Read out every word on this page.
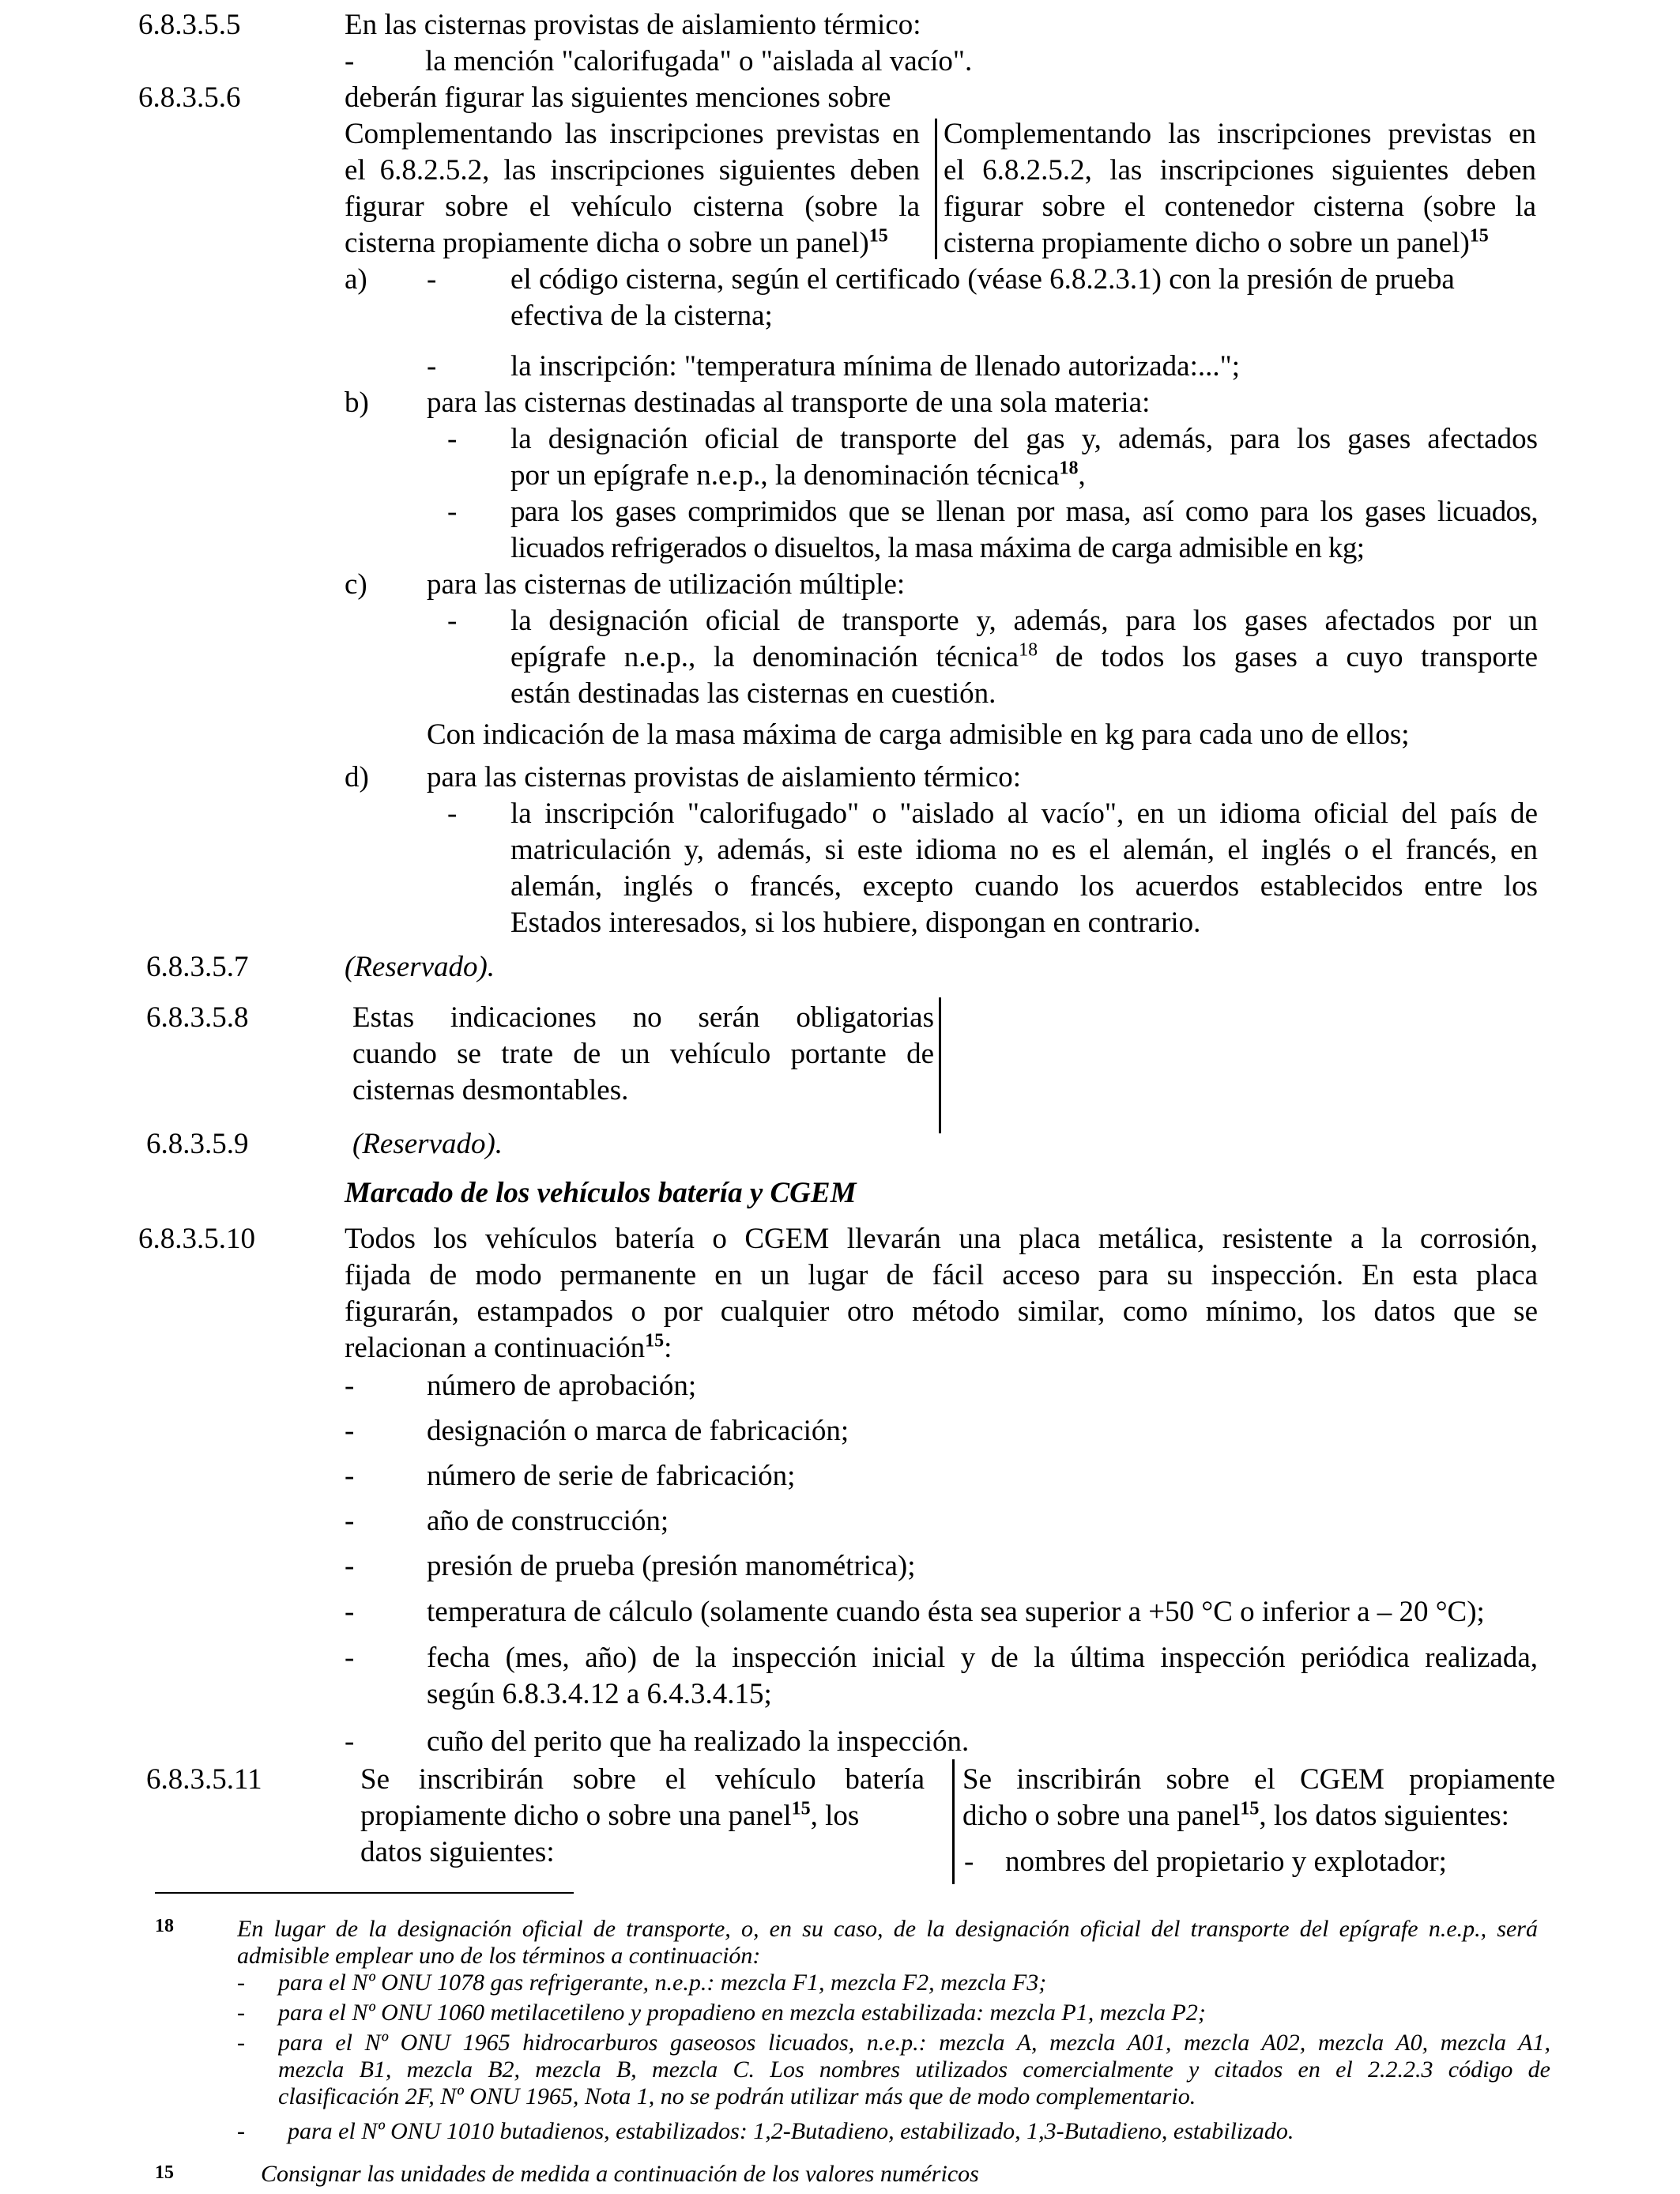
6.8.3.5.5	En las cisternas provistas de aislamiento térmico:
- la mención "calorifugada" o "aislada al vacío".
6.8.3.5.6	deberán figurar las siguientes menciones sobre
Complementando las inscripciones previstas en
el 6.8.2.5.2, las inscripciones siguientes deben
figurar sobre el vehículo cisterna (sobre la
cisterna propiamente dicha o sobre un panel)$^{15}$
Complementando las inscripciones previstas en
el 6.8.2.5.2, las inscripciones siguientes deben
figurar sobre el contenedor cisterna (sobre la
cisterna propiamente dicho o sobre un panel)$^{15}$
a) -	el código cisterna, según el certificado (véase 6.8.2.3.1) con la presión de prueba
efectiva de la cisterna;
-	la inscripción: "temperatura mínima de llenado autorizada:...";
b) para las cisternas destinadas al transporte de una sola materia:
- la designación oficial de transporte del gas y, además, para los gases afectados
por un epígrafe n.e.p., la denominación técnica$^{18}$,
- para los gases comprimidos que se llenan por masa, así como para los gases licuados,
licuados refrigerados o disueltos, la masa máxima de carga admisible en kg;
c) para las cisternas de utilización múltiple:
- la designación oficial de transporte y, además, para los gases afectados por un
epígrafe n.e.p., la denominación técnica$^{18}$ de todos los gases a cuyo transporte
están destinadas las cisternas en cuestión.
Con indicación de la masa máxima de carga admisible en kg para cada uno de ellos;
d) para las cisternas provistas de aislamiento térmico:
- la inscripción "calorifugado" o "aislado al vacío", en un idioma oficial del país de
matriculación y, además, si este idioma no es el alemán, el inglés o el francés, en
alemán, inglés o francés, excepto cuando los acuerdos establecidos entre los
Estados interesados, si los hubiere, dispongan en contrario.
6.8.3.5.7	(Reservado).
6.8.3.5.8	Estas indicaciones no serán obligatorias
cuando se trate de un vehículo portante de
cisternas desmontables.
6.8.3.5.9	(Reservado).
Marcado de los vehículos batería y CGEM
6.8.3.5.10	Todos los vehículos batería o CGEM llevarán una placa metálica, resistente a la corrosión,
fijada de modo permanente en un lugar de fácil acceso para su inspección. En esta placa
figurarán, estampados o por cualquier otro método similar, como mínimo, los datos que se
relacionan a continuación$^{15}$:
- número de aprobación;
- designación o marca de fabricación;
- número de serie de fabricación;
- año de construcción;
- presión de prueba (presión manométrica);
- temperatura de cálculo (solamente cuando ésta sea superior a +50 °C o inferior a – 20 °C);
- fecha (mes, año) de la inspección inicial y de la última inspección periódica realizada,
según 6.8.3.4.12 a 6.4.3.4.15;
- cuño del perito que ha realizado la inspección.
6.8.3.5.11	Se inscribirán sobre el vehículo batería
propiamente dicho o sobre una panel$^{15}$, los
datos siguientes:
Se inscribirán sobre el CGEM propiamente
dicho o sobre una panel$^{15}$, los datos siguientes:
- nombres del propietario y explotador;
18	En lugar de la designación oficial de transporte, o, en su caso, de la designación oficial del transporte del epígrafe n.e.p., será
admisible emplear uno de los términos a continuación:
- para el Nº ONU 1078 gas refrigerante, n.e.p.: mezcla F1, mezcla F2, mezcla F3;
- para el Nº ONU 1060 metilacetileno y propadieno en mezcla estabilizada: mezcla P1, mezcla P2;
- para el Nº ONU 1965 hidrocarburos gaseosos licuados, n.e.p.: mezcla A, mezcla A01, mezcla A02, mezcla A0, mezcla A1,
mezcla B1, mezcla B2, mezcla B, mezcla C. Los nombres utilizados comercialmente y citados en el 2.2.2.3 código de
clasificación 2F, Nº ONU 1965, Nota 1, no se podrán utilizar más que de modo complementario.
- para el Nº ONU 1010 butadienos, estabilizados: 1,2-Butadieno, estabilizado, 1,3-Butadieno, estabilizado.
15	Consignar las unidades de medida a continuación de los valores numéricos
